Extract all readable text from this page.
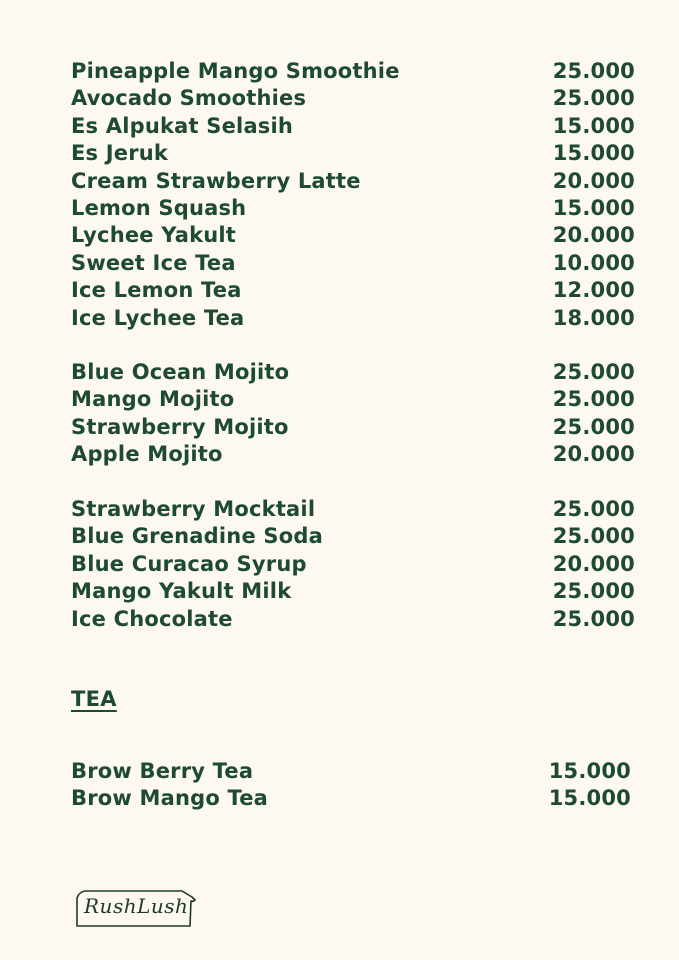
Pineapple Mango Smoothie	25.000
Avocado Smoothies	25.000
Es Alpukat Selasih	15.000
Es Jeruk	15.000
Cream Strawberry Latte	20.000
Lemon Squash	15.000
Lychee Yakult	20.000
Sweet Ice Tea	10.000
Ice Lemon Tea	12.000
Ice Lychee Tea	18.000
Blue Ocean Mojito	25.000
Mango Mojito	25.000
Strawberry Mojito	25.000
Apple Mojito	20.000
Strawberry Mocktail	25.000
Blue Grenadine Soda	25.000
Blue Curacao Syrup	20.000
Mango Yakult Milk	25.000
Ice Chocolate	25.000
TEA
Brow Berry Tea	15.000
Brow Mango Tea	15.000
RushLush
